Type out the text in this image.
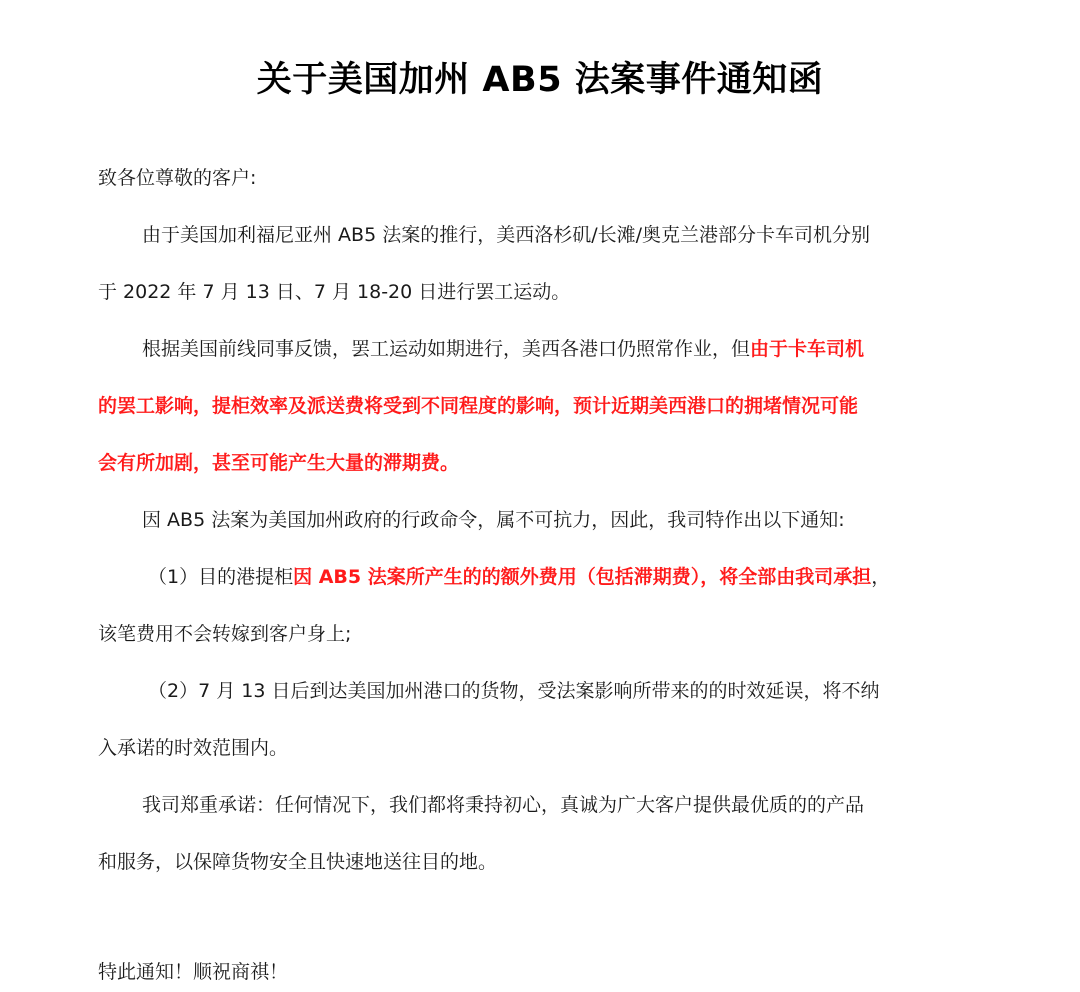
关于美国加州 AB5 法案事件通知函
致各位尊敬的客户:
由于美国加利福尼亚州 AB5 法案的推行，美西洛杉矶/长滩/奥克兰港部分卡车司机分别
于 2022 年 7 月 13 日、7 月 18-20 日进行罢工运动。
根据美国前线同事反馈，罢工运动如期进行，美西各港口仍照常作业，但由于卡车司机
的罢工影响，提柜效率及派送费将受到不同程度的影响，预计近期美西港口的拥堵情况可能
会有所加剧，甚至可能产生大量的滞期费。
因 AB5 法案为美国加州政府的行政命令，属不可抗力，因此，我司特作出以下通知:
（1）目的港提柜因 AB5 法案所产生的的额外费用（包括滞期费），将全部由我司承担，
该笔费用不会转嫁到客户身上;
（2）7 月 13 日后到达美国加州港口的货物，受法案影响所带来的的时效延误，将不纳
入承诺的时效范围内。
我司郑重承诺：任何情况下，我们都将秉持初心，真诚为广大客户提供最优质的的产品
和服务，以保障货物安全且快速地送往目的地。
特此通知！顺祝商祺！
